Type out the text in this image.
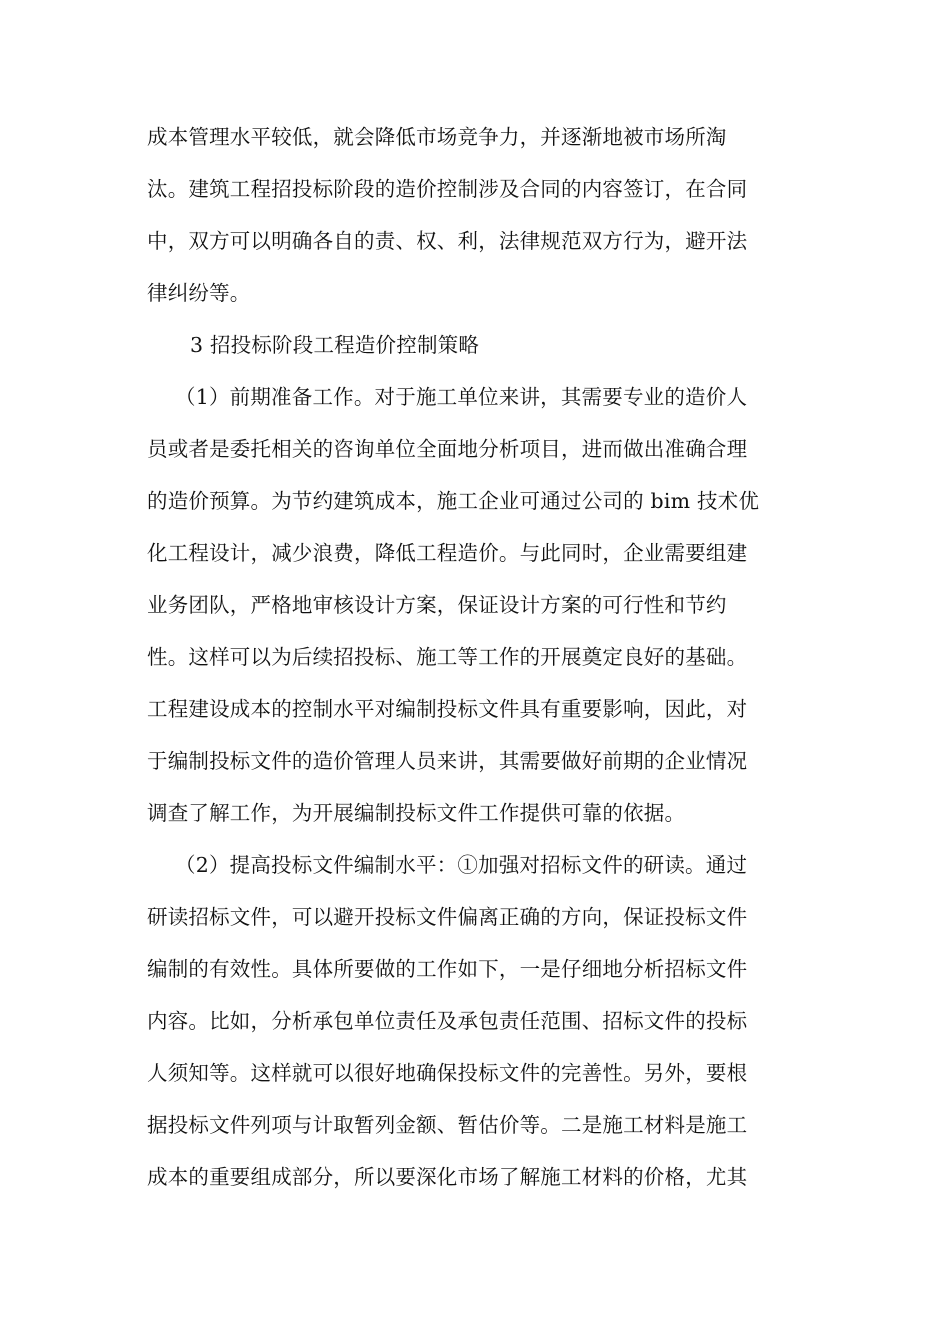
成本管理水平较低，就会降低市场竞争力，并逐渐地被市场所淘
汰。建筑工程招投标阶段的造价控制涉及合同的内容签订，在合同
中，双方可以明确各自的责、权、利，法律规范双方行为，避开法
律纠纷等。
3 招投标阶段工程造价控制策略
（1）前期准备工作。对于施工单位来讲，其需要专业的造价人
员或者是委托相关的咨询单位全面地分析项目，进而做出准确合理
的造价预算。为节约建筑成本，施工企业可通过公司的 bim 技术优
化工程设计，减少浪费，降低工程造价。与此同时，企业需要组建
业务团队，严格地审核设计方案，保证设计方案的可行性和节约
性。这样可以为后续招投标、施工等工作的开展奠定良好的基础。
工程建设成本的控制水平对编制投标文件具有重要影响，因此，对
于编制投标文件的造价管理人员来讲，其需要做好前期的企业情况
调查了解工作，为开展编制投标文件工作提供可靠的依据。
（2）提高投标文件编制水平：①加强对招标文件的研读。通过
研读招标文件，可以避开投标文件偏离正确的方向，保证投标文件
编制的有效性。具体所要做的工作如下，一是仔细地分析招标文件
内容。比如，分析承包单位责任及承包责任范围、招标文件的投标
人须知等。这样就可以很好地确保投标文件的完善性。另外，要根
据投标文件列项与计取暂列金额、暂估价等。二是施工材料是施工
成本的重要组成部分，所以要深化市场了解施工材料的价格，尤其
